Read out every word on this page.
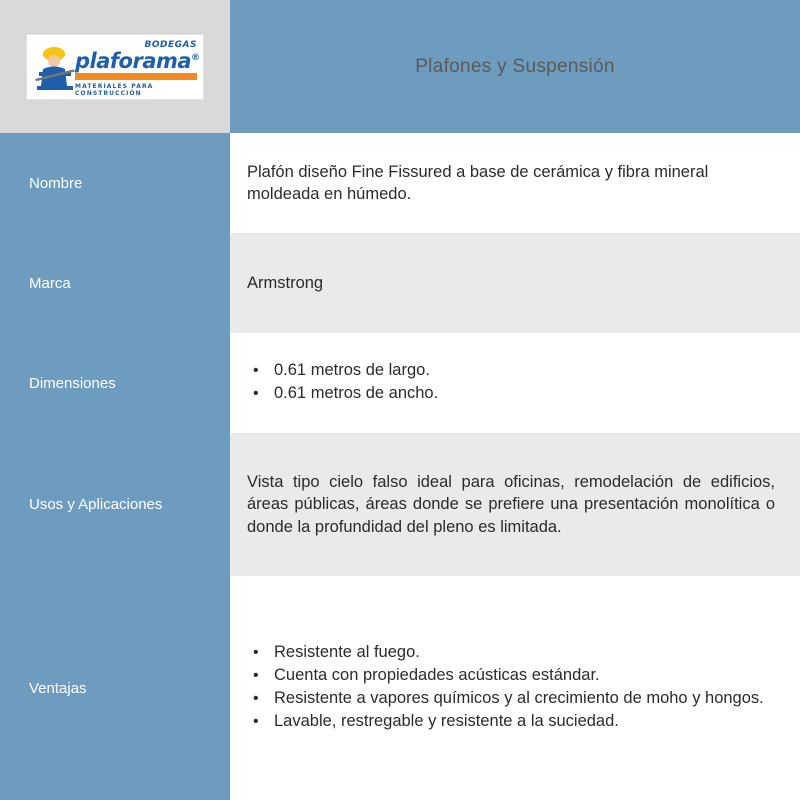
BODEGAS
plaforama®
MATERIALES PARA CONSTRUCCIÓN
Plafones y Suspensión
Nombre
Plafón diseño Fine Fissured a base de cerámica y fibra mineral moldeada en húmedo.
Marca	Armstrong
Dimensiones
• 0.61 metros de largo.
• 0.61 metros de ancho.
Usos y Aplicaciones
Vista tipo cielo falso ideal para oficinas, remodelación de edificios, áreas públicas, áreas donde se prefiere una presentación monolítica o donde la profundidad del pleno es limitada.
Ventajas
• Resistente al fuego.
• Cuenta con propiedades acústicas estándar.
• Resistente a vapores químicos y al crecimiento de moho y hongos.
• Lavable, restregable y resistente a la suciedad.
